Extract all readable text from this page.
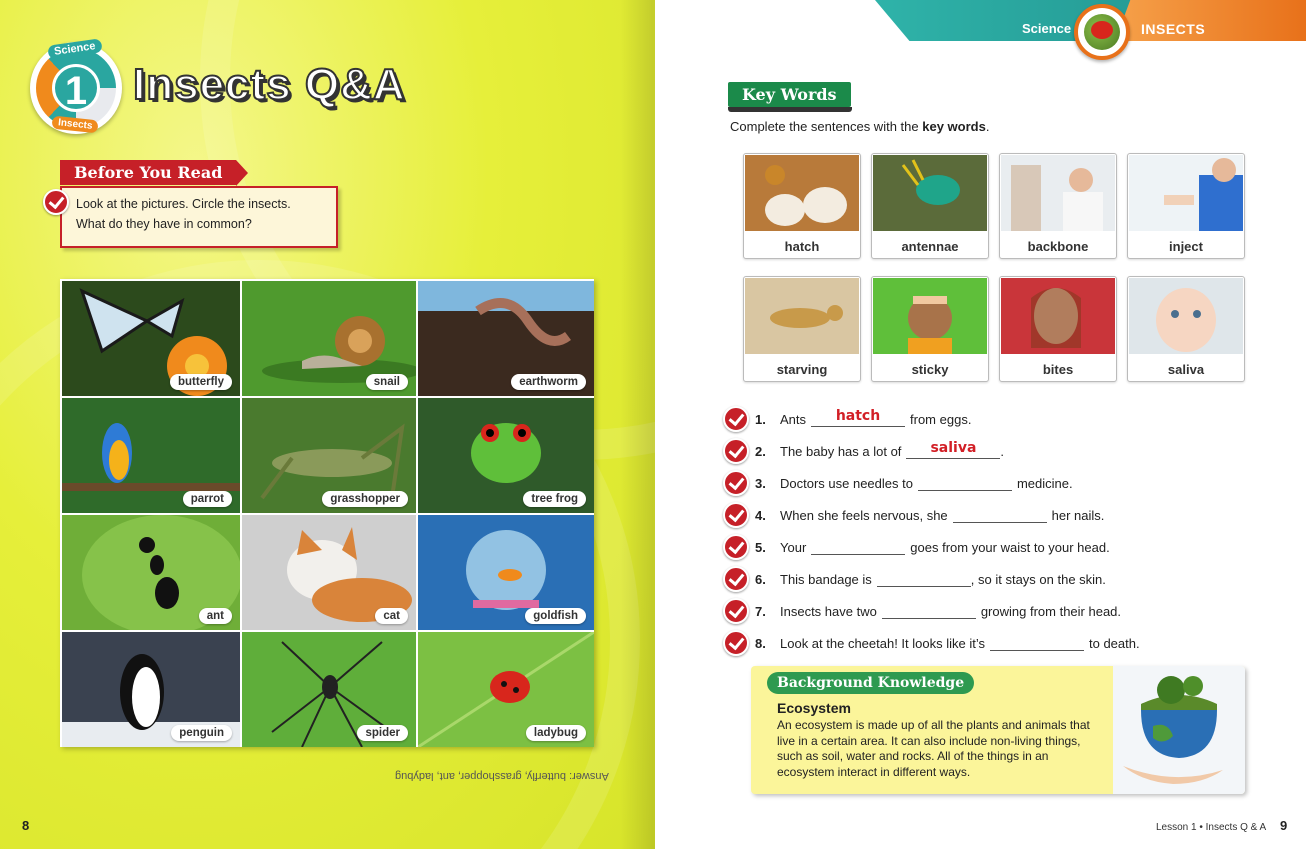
1
Science
Insects
Insects Q&A
Before You Read
Look at the pictures. Circle the insects.
What do they have in common?
butterfly	snail	earthworm
parrot	grasshopper	tree frog
ant	cat	goldfish
penguin	spider	ladybug
Answer: butterfly, grasshopper, ant, ladybug
8
Science	INSECTS
Key Words
Complete the sentences with the key words.
hatch	antennae	backbone	inject
starving	sticky	bites	saliva
1.	Ants	hatch	from eggs.
2.	The baby has a lot of	saliva	.
3.	Doctors use needles to	medicine.
4.	When she feels nervous, she	her nails.
5.	Your	goes from your waist to your head.
6.	This bandage is	, so it stays on the skin.
7.	Insects have two	growing from their head.
8.	Look at the cheetah! It looks like it’s	to death.
Background Knowledge
Ecosystem
An ecosystem is made up of all the plants and animals that live in a certain area. It can also include non-living things, such as soil, water and rocks. All of the things in an ecosystem interact in different ways.
Lesson 1 • Insects Q & A 9
